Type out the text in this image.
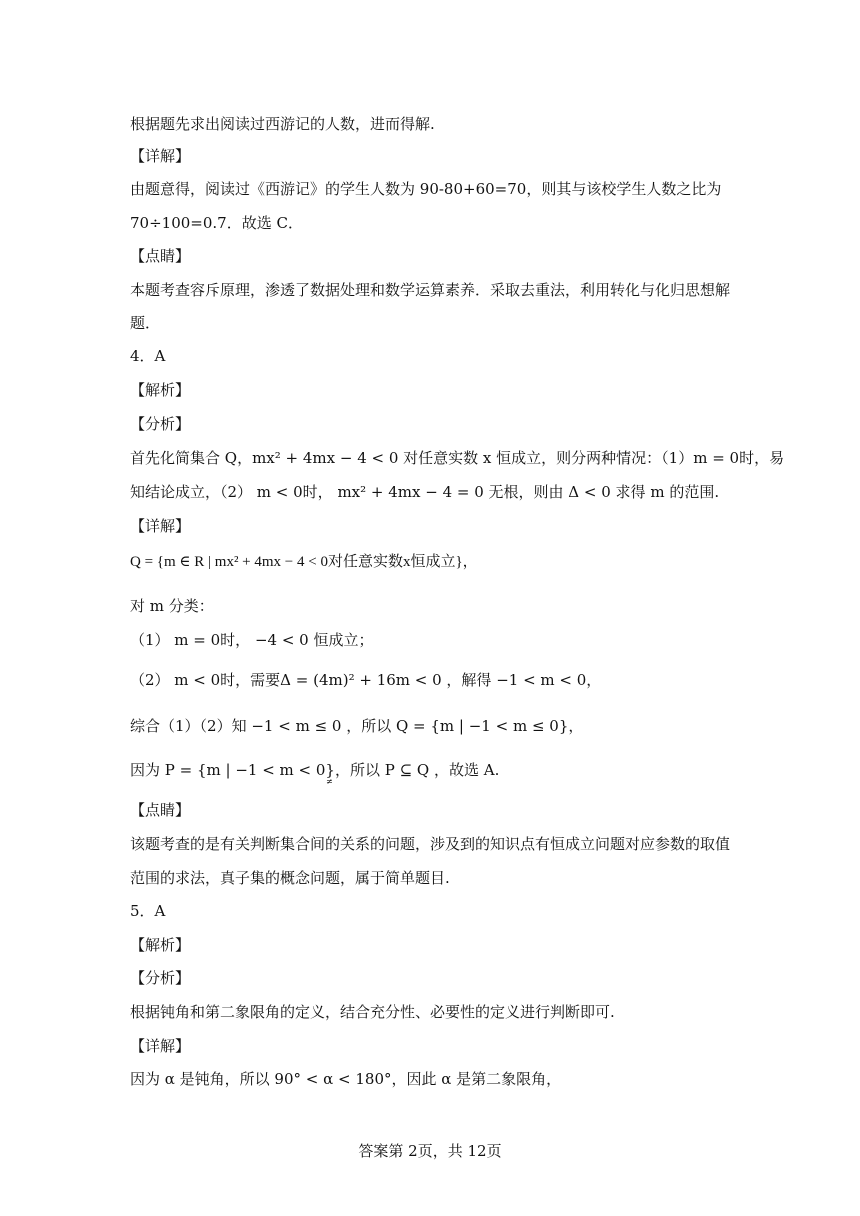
根据题先求出阅读过西游记的人数，进而得解.
【详解】
由题意得，阅读过《西游记》的学生人数为 90-80+60=70，则其与该校学生人数之比为
70÷100=0.7．故选 C．
【点睛】
本题考查容斥原理，渗透了数据处理和数学运算素养．采取去重法，利用转化与化归思想解
题．
4．A
【解析】
【分析】
首先化简集合 Q，mx² + 4mx − 4 < 0 对任意实数 x 恒成立，则分两种情况：（1）m = 0时，易
知结论成立，（2） m < 0时， mx² + 4mx − 4 = 0 无根，则由 Δ < 0 求得 m 的范围.
【详解】
Q = {m ∈ R | mx² + 4mx − 4 < 0对任意实数x恒成立}，
对 m 分类：
（1） m = 0时， −4 < 0 恒成立；
（2） m < 0时，需要Δ = (4m)² + 16m < 0 ，解得 −1 < m < 0，
综合（1）（2）知 −1 < m ≤ 0 ，所以 Q = {m | −1 < m ≤ 0}，
因为 P = {m | −1 < m < 0}，所以 P ⊆ Q ，故选 A.
≠
【点睛】
该题考查的是有关判断集合间的关系的问题，涉及到的知识点有恒成立问题对应参数的取值
范围的求法，真子集的概念问题，属于简单题目.
5．A
【解析】
【分析】
根据钝角和第二象限角的定义，结合充分性、必要性的定义进行判断即可.
【详解】
因为 α 是钝角，所以 90° < α < 180°，因此 α 是第二象限角，
答案第 2页，共 12页
